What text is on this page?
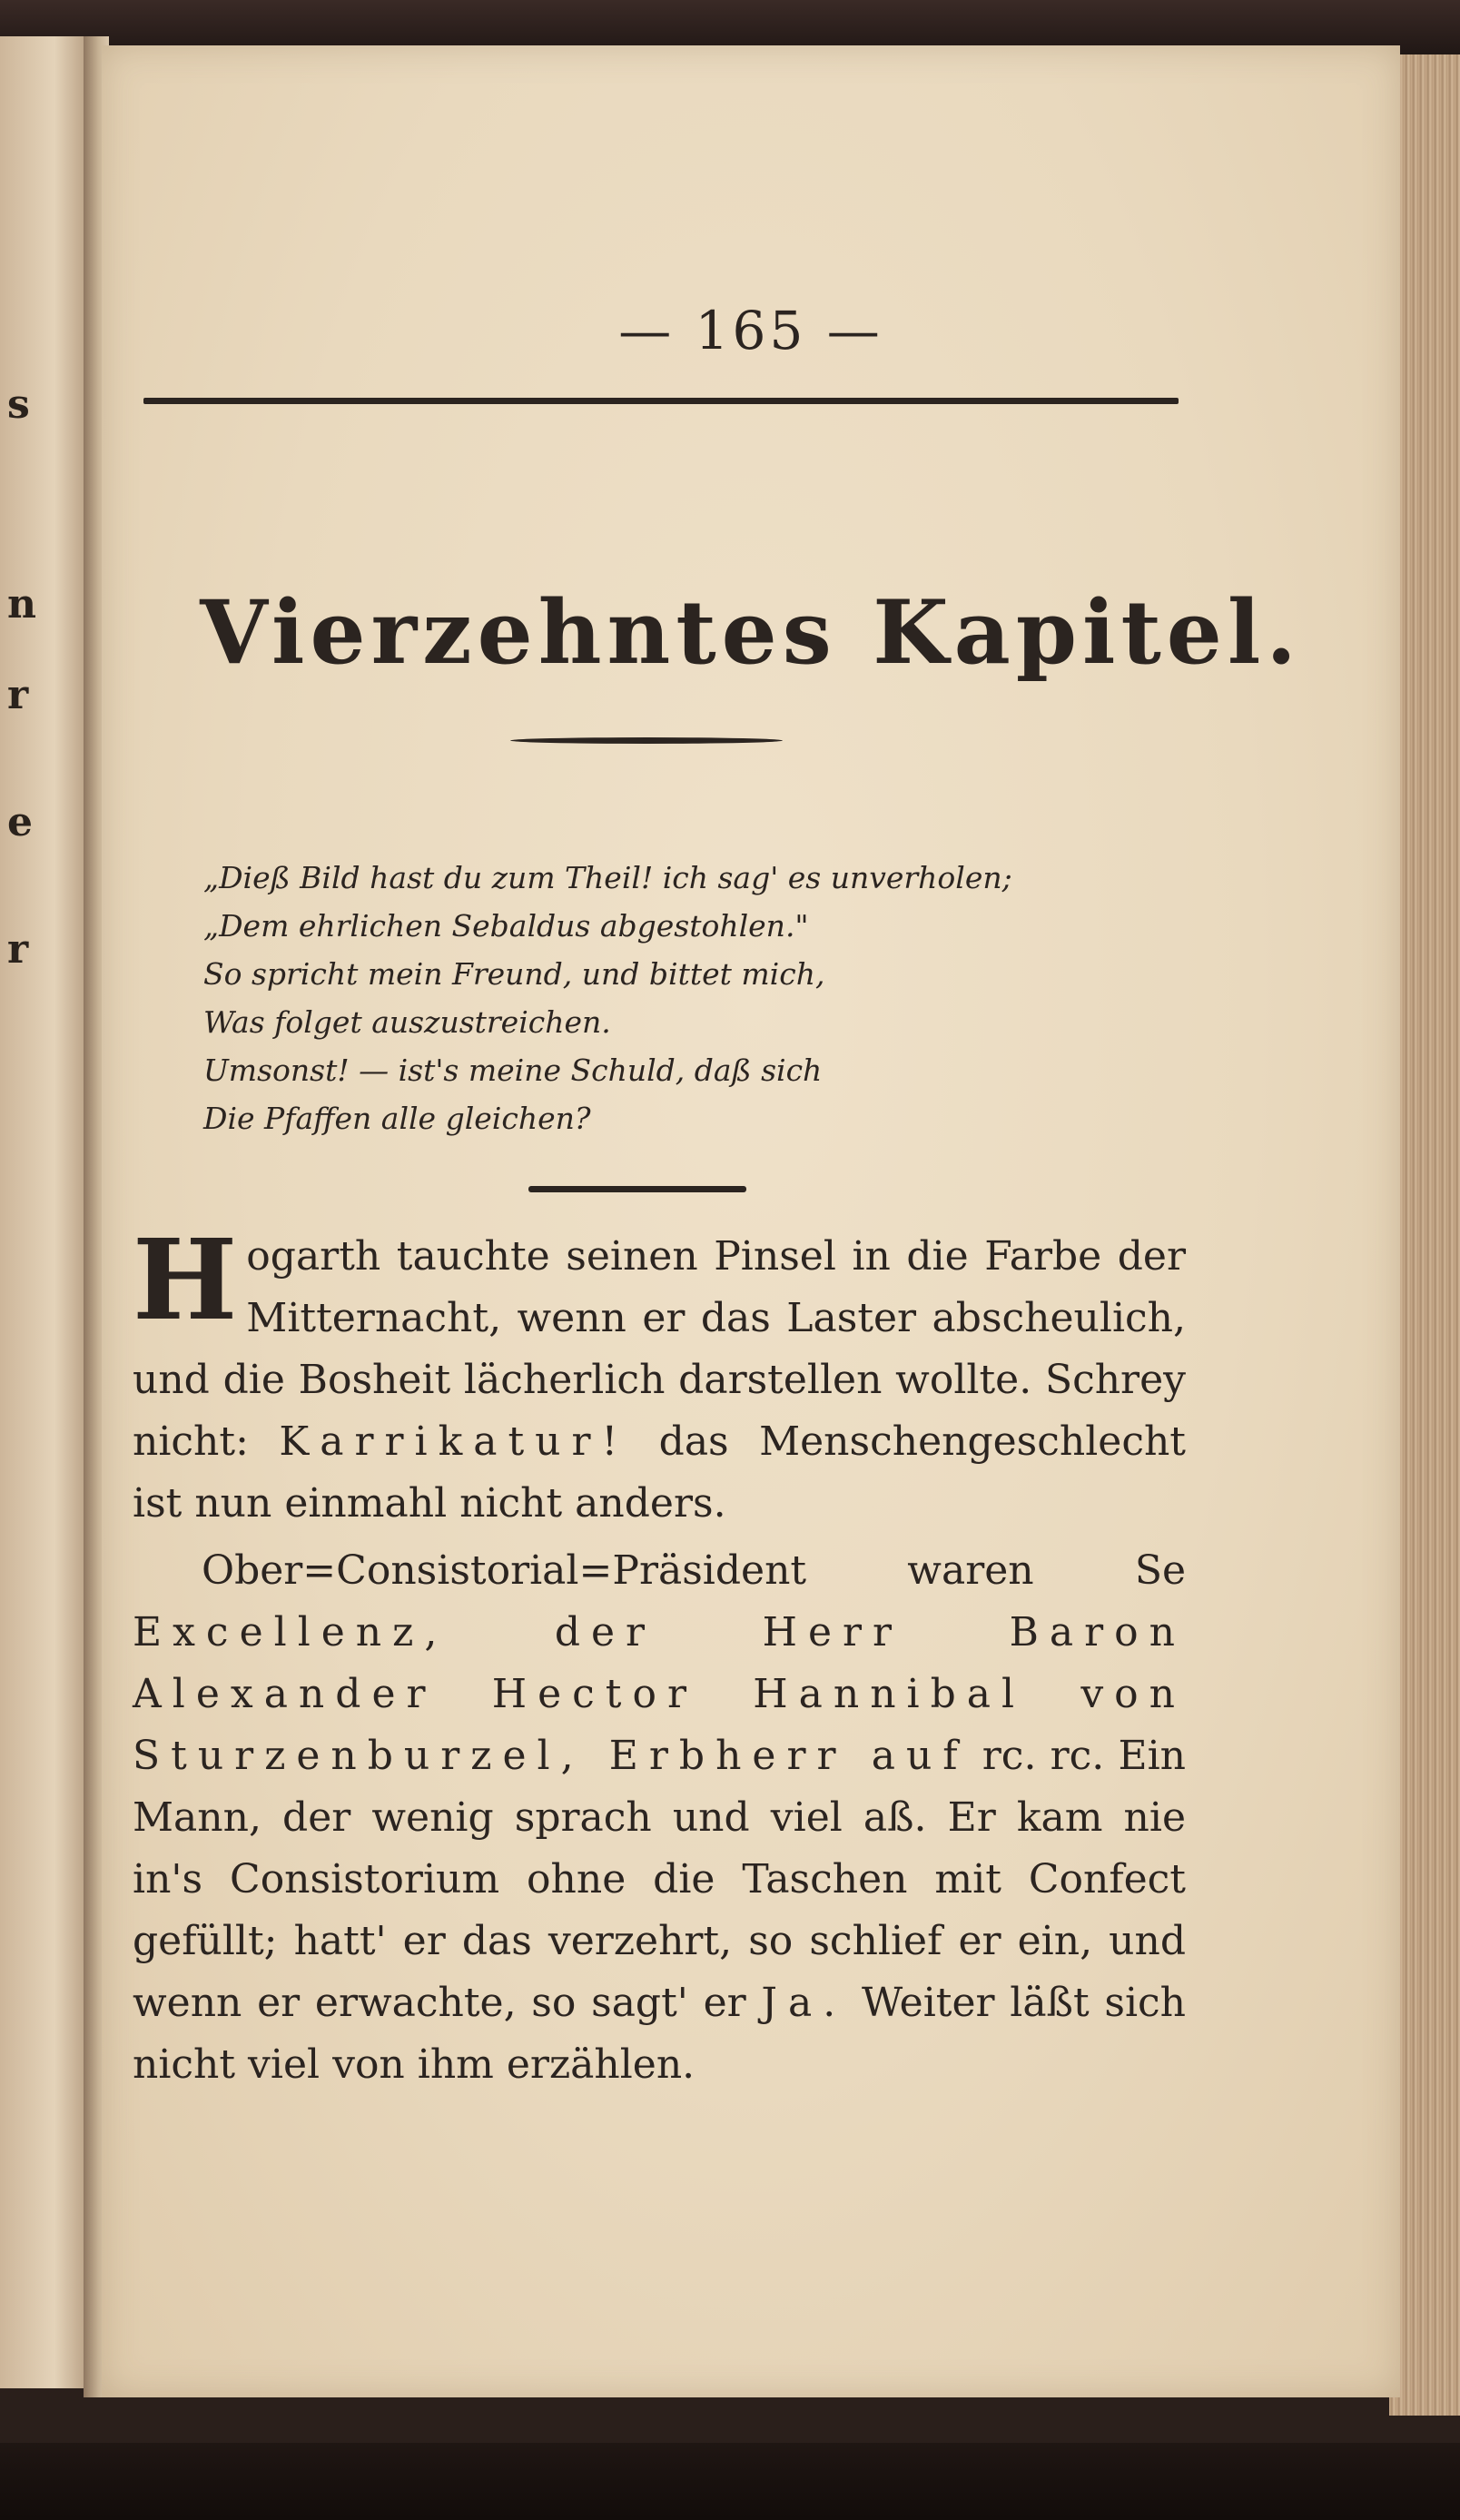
s
n
r
e
r
— 165 —
Vierzehntes Kapitel.
„Dieß Bild hast du zum Theil! ich sag' es unverholen;
„Dem ehrlichen Sebaldus abgestohlen."
So spricht mein Freund, und bittet mich,
Was folget auszustreichen.
Umsonst! — ist's meine Schuld, daß sich
Die Pfaffen alle gleichen?

Hogarth tauchte seinen Pinsel in die Farbe der Mitternacht, wenn er das Laster abscheulich, und die Bosheit lächerlich darstellen wollte. Schrey nicht: Karrikatur! das Menschengeschlecht ist nun einmahl nicht anders.

Ober=Consistorial=Präsident waren Se Excellenz, der Herr Baron Alexander Hector Hannibal von Sturzenburzel, Erbherr auf rc. rc. Ein Mann, der wenig sprach und viel aß. Er kam nie in's Consistorium ohne die Taschen mit Confect gefüllt; hatt' er das verzehrt, so schlief er ein, und wenn er erwachte, so sagt' er Ja. Weiter läßt sich nicht viel von ihm erzählen.
